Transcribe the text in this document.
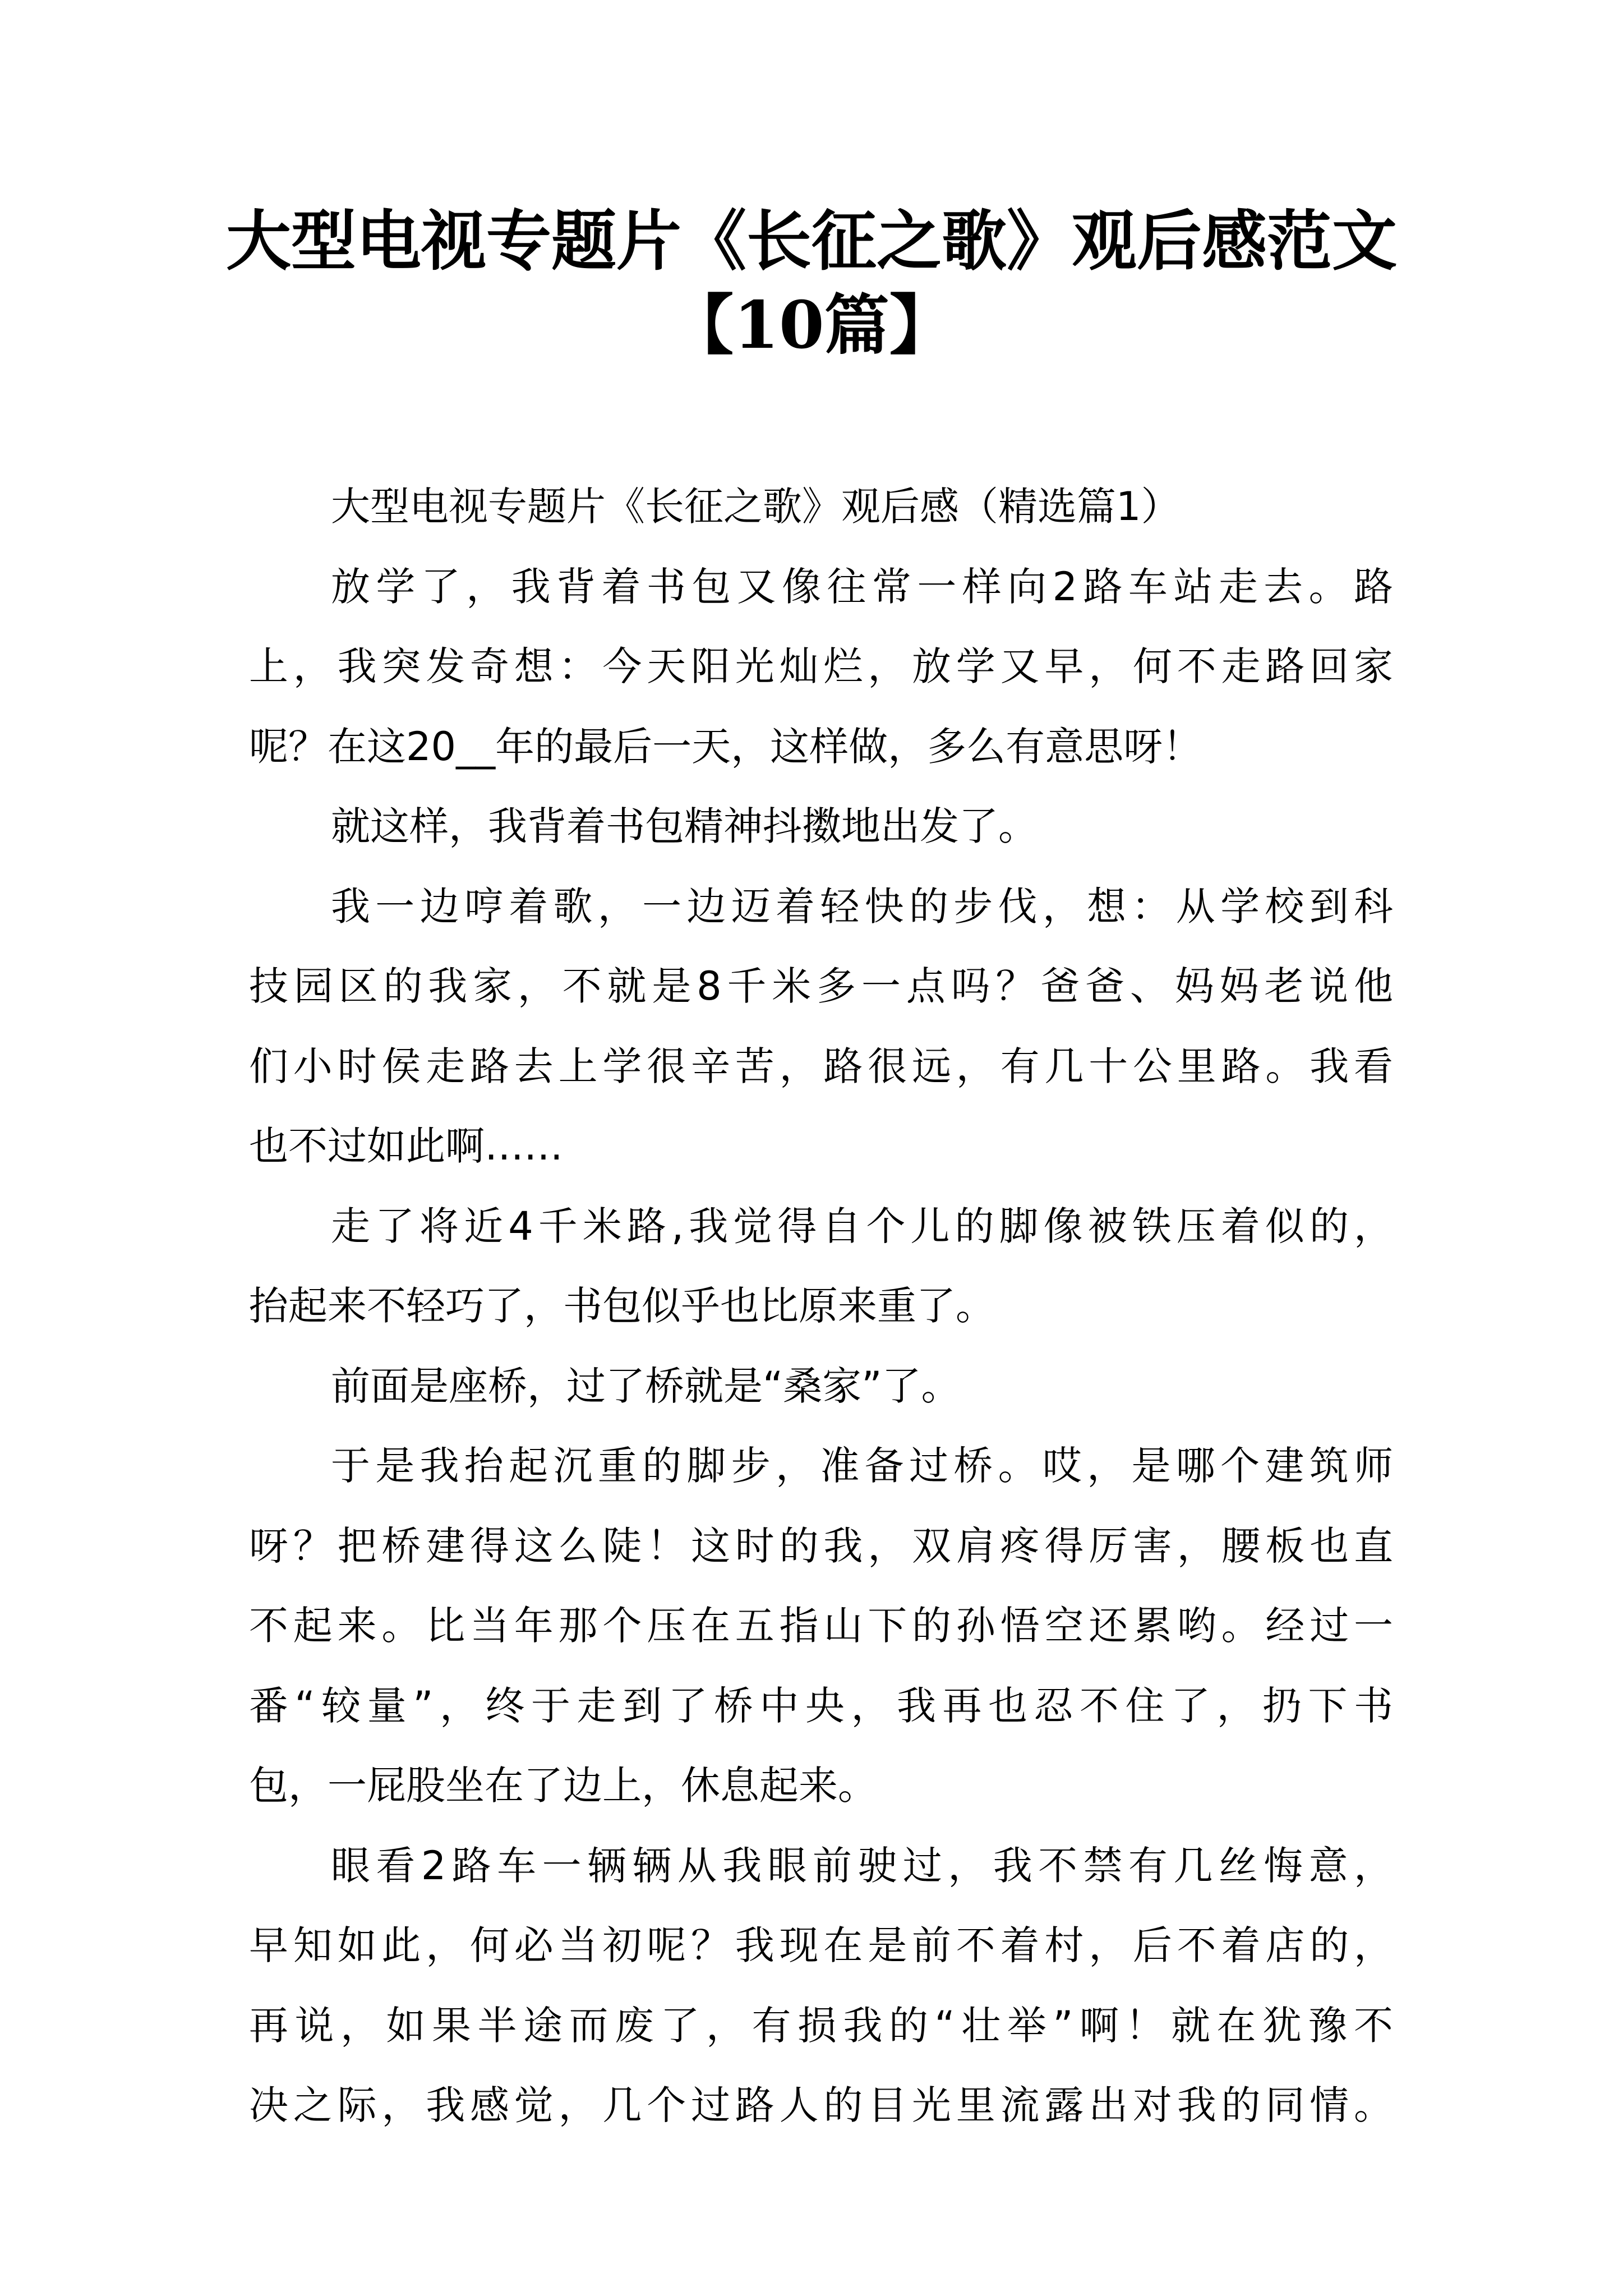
大型电视专题片《长征之歌》观后感范文
【10篇】
大型电视专题片《长征之歌》观后感（精选篇1）
放学了，我背着书包又像往常一样向2路车站走去。路
上，我突发奇想：今天阳光灿烂，放学又早，何不走路回家
呢？在这20__年的最后一天，这样做，多么有意思呀！
就这样，我背着书包精神抖擞地出发了。
我一边哼着歌，一边迈着轻快的步伐，想：从学校到科
技园区的我家，不就是8千米多一点吗？爸爸、妈妈老说他
们小时侯走路去上学很辛苦，路很远，有几十公里路。我看
也不过如此啊……
走了将近4千米路,我觉得自个儿的脚像被铁压着似的，
抬起来不轻巧了，书包似乎也比原来重了。
前面是座桥，过了桥就是“桑家”了。
于是我抬起沉重的脚步，准备过桥。哎，是哪个建筑师
呀？把桥建得这么陡！这时的我，双肩疼得厉害，腰板也直
不起来。比当年那个压在五指山下的孙悟空还累哟。经过一
番“较量”，终于走到了桥中央，我再也忍不住了，扔下书
包，一屁股坐在了边上，休息起来。
眼看2路车一辆辆从我眼前驶过，我不禁有几丝悔意，
早知如此，何必当初呢？我现在是前不着村，后不着店的，
再说，如果半途而废了，有损我的“壮举”啊！就在犹豫不
决之际，我感觉，几个过路人的目光里流露出对我的同情。
